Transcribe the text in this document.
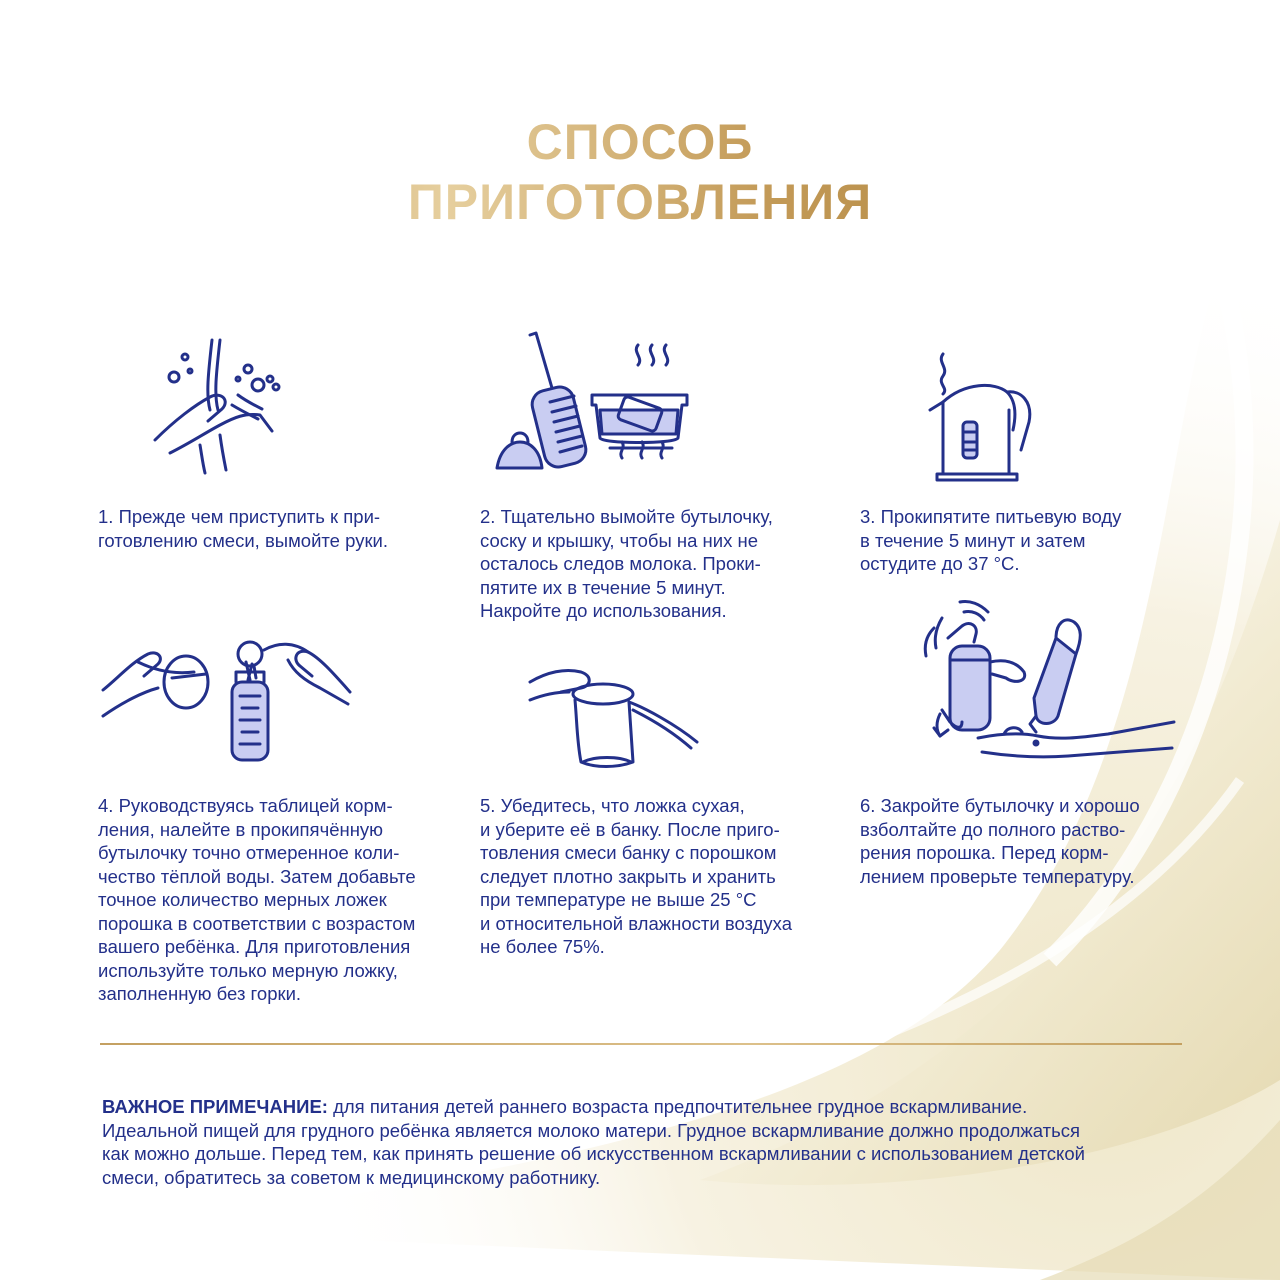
СПОСОБ
ПРИГОТОВЛЕНИЯ
1. Прежде чем приступить к при-
готовлению смеси, вымойте руки.
2. Тщательно вымойте бутылочку,
соску и крышку, чтобы на них не
осталось следов молока. Проки-
пятите их в течение 5 минут.
Накройте до использования.
3. Прокипятите питьевую воду
в течение 5 минут и затем
остудите до 37 °C.
4. Руководствуясь таблицей корм-
ления, налейте в прокипячённую
бутылочку точно отмеренное коли-
чество тёплой воды. Затем добавьте
точное количество мерных ложек
порошка в соответствии с возрастом
вашего ребёнка. Для приготовления
используйте только мерную ложку,
заполненную без горки.
5. Убедитесь, что ложка сухая,
и уберите её в банку. После приго-
товления смеси банку с порошком
следует плотно закрыть и хранить
при температуре не выше 25 °C
и относительной влажности воздуха
не более 75%.
6. Закройте бутылочку и хорошо
взболтайте до полного раство-
рения порошка. Перед корм-
лением проверьте температуру.
ВАЖНОЕ ПРИМЕЧАНИЕ: для питания детей раннего возраста предпочтительнее грудное вскармливание.
Идеальной пищей для грудного ребёнка является молоко матери. Грудное вскармливание должно продолжаться
как можно дольше. Перед тем, как принять решение об искусственном вскармливании с использованием детской
смеси, обратитесь за советом к медицинскому работнику.
